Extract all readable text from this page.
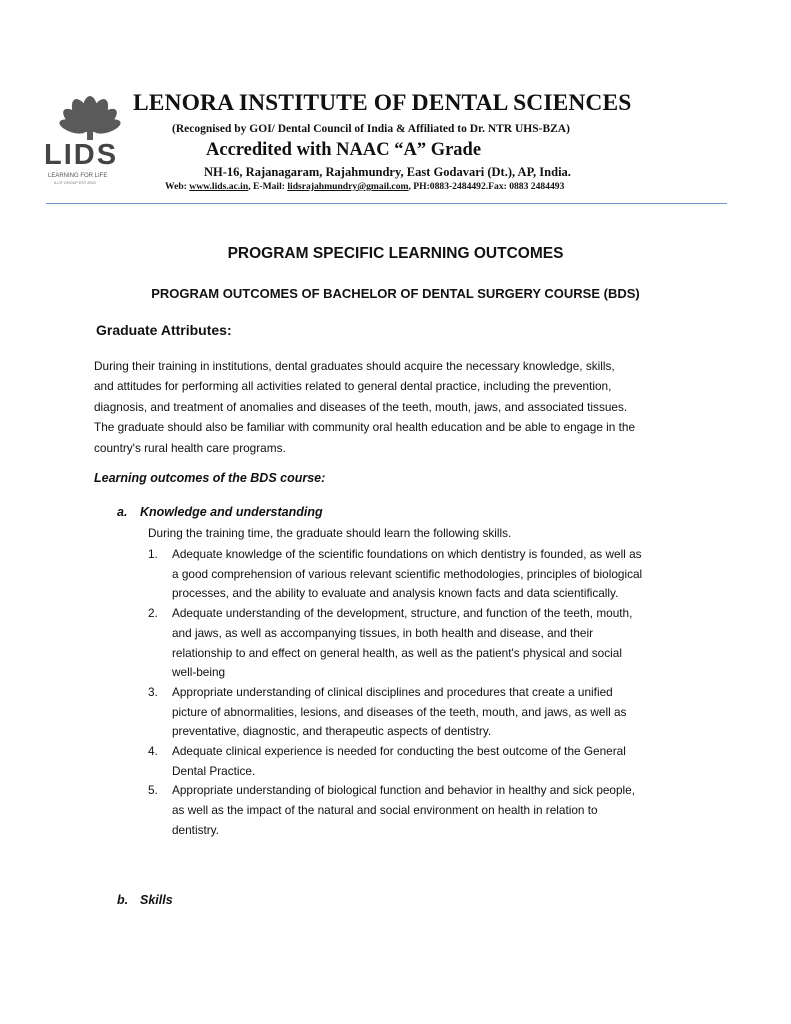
LIDS
LEARNING FOR LIFE
A LIF GROUP EST 2003
LENORA INSTITUTE OF DENTAL SCIENCES
(Recognised by GOI/ Dental Council of India & Affiliated to Dr. NTR UHS-BZA)
Accredited with NAAC “A” Grade
NH-16, Rajanagaram, Rajahmundry, East Godavari (Dt.), AP, India.
Web: www.lids.ac.in, E-Mail: lidsrajahmundry@gmail.com, PH:0883-2484492.Fax: 0883 2484493
PROGRAM SPECIFIC LEARNING OUTCOMES
PROGRAM OUTCOMES OF BACHELOR OF DENTAL SURGERY COURSE (BDS)
Graduate Attributes:
During their training in institutions, dental graduates should acquire the necessary knowledge, skills,
and attitudes for performing all activities related to general dental practice, including the prevention,
diagnosis, and treatment of anomalies and diseases of the teeth, mouth, jaws, and associated tissues.
The graduate should also be familiar with community oral health education and be able to engage in the
country's rural health care programs.
Learning outcomes of the BDS course:
a. Knowledge and understanding
During the training time, the graduate should learn the following skills.
1. Adequate knowledge of the scientific foundations on which dentistry is founded, as well as
a good comprehension of various relevant scientific methodologies, principles of biological
processes, and the ability to evaluate and analysis known facts and data scientifically.
2. Adequate understanding of the development, structure, and function of the teeth, mouth,
and jaws, as well as accompanying tissues, in both health and disease, and their
relationship to and effect on general health, as well as the patient's physical and social
well-being
3. Appropriate understanding of clinical disciplines and procedures that create a unified
picture of abnormalities, lesions, and diseases of the teeth, mouth, and jaws, as well as
preventative, diagnostic, and therapeutic aspects of dentistry.
4. Adequate clinical experience is needed for conducting the best outcome of the General
Dental Practice.
5. Appropriate understanding of biological function and behavior in healthy and sick people,
as well as the impact of the natural and social environment on health in relation to
dentistry.
b. Skills
